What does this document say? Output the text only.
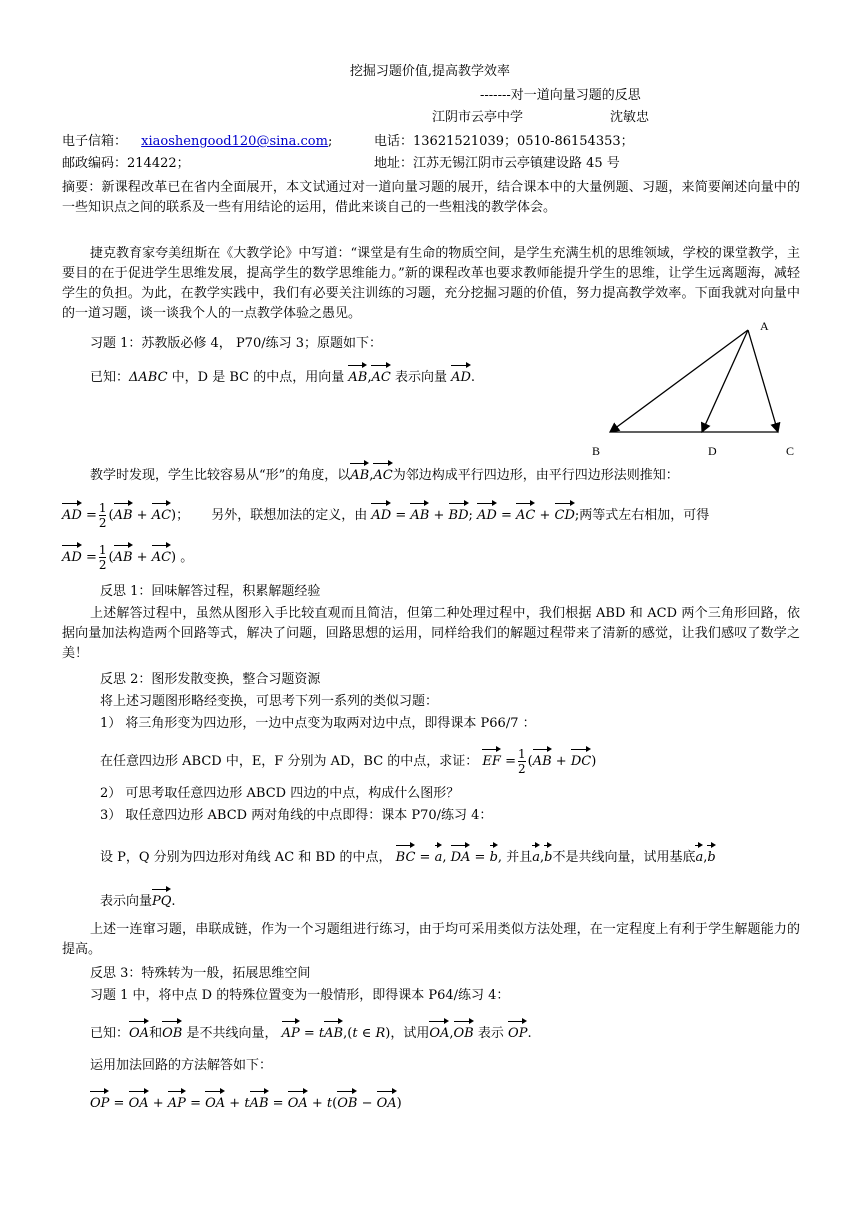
挖掘习题价值,提高教学效率
-------对一道向量习题的反思
江阴市云亭中学	沈敏忠
电子信箱： xiaoshengood120@sina.com;	电话：13621521039；0510-86154353；
邮政编码：214422；	地址：江苏无锡江阴市云亭镇建设路 45 号
摘要：新课程改革已在省内全面展开，本文试通过对一道向量习题的展开，结合课本中的大量例题、习题，来简要阐述向量中的一些知识点之间的联系及一些有用结论的运用，借此来谈自己的一些粗浅的教学体会。
捷克教育家夸美纽斯在《大教学论》中写道：“课堂是有生命的物质空间，是学生充满生机的思维领域，学校的课堂教学，主要目的在于促进学生思维发展，提高学生的数学思维能力。”新的课程改革也要求教师能提升学生的思维，让学生远离题海，减轻学生的负担。为此，在教学实践中，我们有必要关注训练的习题，充分挖掘习题的价值，努力提高教学效率。下面我就对向量中的一道习题，谈一谈我个人的一点教学体验之愚见。
习题 1：苏教版必修 4， P70/练习 3；原题如下：
已知：ΔABC 中，D 是 BC 的中点，用向量 AB,AC 表示向量 AD.
A
B	D	C
教学时发现，学生比较容易从“形”的角度，以AB,AC为邻边构成平行四边形，由平行四边形法则推知：
AD = $\frac{1}{2} (AB + AC)$； 另外，联想加法的定义，由 AD = AB + BD; AD = AC + CD;两等式左右相加，可得
AD = $\frac{1}{2} (AB + AC)$ 。
反思 1：回味解答过程，积累解题经验
上述解答过程中，虽然从图形入手比较直观而且简洁，但第二种处理过程中，我们根据 ABD 和 ACD 两个三角形回路，依据向量加法构造两个回路等式，解决了问题，回路思想的运用，同样给我们的解题过程带来了清新的感觉，让我们感叹了数学之美！
反思 2：图形发散变换，整合习题资源
将上述习题图形略经变换，可思考下列一系列的类似习题：
1） 将三角形变为四边形，一边中点变为取两对边中点，即得课本 P66/7 ：
在任意四边形 ABCD 中，E，F 分别为 AD，BC 的中点，求证： EF = $\frac{1}{2} (AB + DC)$
2） 可思考取任意四边形 ABCD 四边的中点，构成什么图形？
3） 取任意四边形 ABCD 两对角线的中点即得：课本 P70/练习 4：
设 P，Q 分别为四边形对角线 AC 和 BD 的中点， BC = a, DA = b, 并且a,b不是共线向量，试用基底a,b
表示向量PQ.
上述一连窜习题，串联成链，作为一个习题组进行练习，由于均可采用类似方法处理，在一定程度上有利于学生解题能力的提高。
反思 3：特殊转为一般，拓展思维空间
习题 1 中，将中点 D 的特殊位置变为一般情形，即得课本 P64/练习 4：
已知：OA和OB 是不共线向量， AP = tAB,(t ∈ R)，试用OA,OB 表示 OP.
运用加法回路的方法解答如下：
OP = OA + AP = OA + tAB = OA + t(OB − OA)
